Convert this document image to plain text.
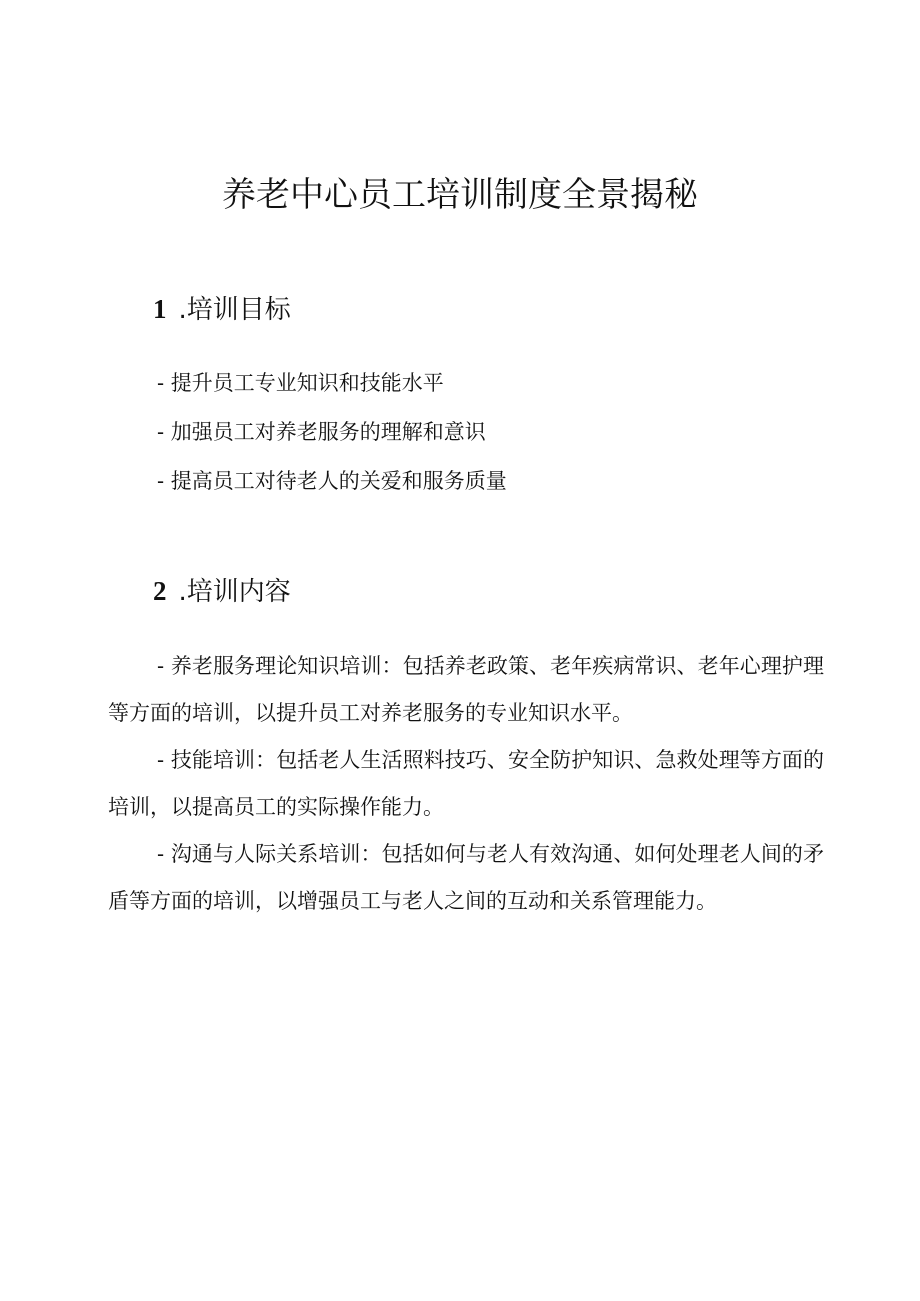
养老中心员工培训制度全景揭秘
1 .培训目标
- 提升员工专业知识和技能水平
- 加强员工对养老服务的理解和意识
- 提高员工对待老人的关爱和服务质量
2 .培训内容

- 养老服务理论知识培训：包括养老政策、老年疾病常识、老年心理护理等方面的培训，以提升员工对养老服务的专业知识水平。

- 技能培训：包括老人生活照料技巧、安全防护知识、急救处理等方面的培训，以提高员工的实际操作能力。

- 沟通与人际关系培训：包括如何与老人有效沟通、如何处理老人间的矛盾等方面的培训，以增强员工与老人之间的互动和关系管理能力。
